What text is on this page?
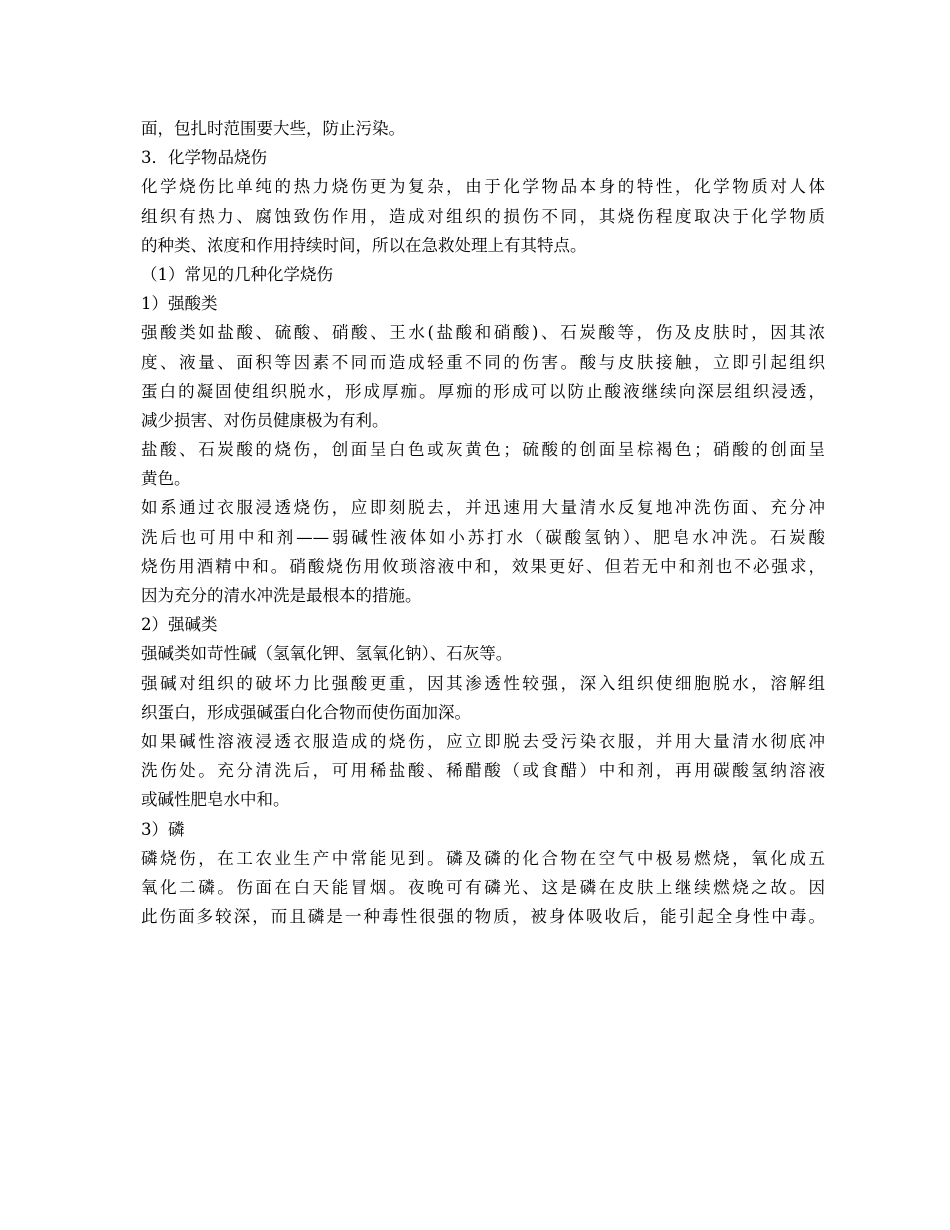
面，包扎时范围要大些，防止污染。
3．化学物品烧伤
化学烧伤比单纯的热力烧伤更为复杂，由于化学物品本身的特性，化学物质对人体
组织有热力、腐蚀致伤作用，造成对组织的损伤不同，其烧伤程度取决于化学物质
的种类、浓度和作用持续时间，所以在急救处理上有其特点。
（1）常见的几种化学烧伤
1）强酸类
强酸类如盐酸、硫酸、硝酸、王水(盐酸和硝酸)、石炭酸等，伤及皮肤时，因其浓
度、液量、面积等因素不同而造成轻重不同的伤害。酸与皮肤接触，立即引起组织
蛋白的凝固使组织脱水，形成厚痂。厚痂的形成可以防止酸液继续向深层组织浸透，
减少损害、对伤员健康极为有利。
盐酸、石炭酸的烧伤，创面呈白色或灰黄色；硫酸的创面呈棕褐色；硝酸的创面呈
黄色。
如系通过衣服浸透烧伤，应即刻脱去，并迅速用大量清水反复地冲洗伤面、充分冲
洗后也可用中和剂——弱碱性液体如小苏打水（碳酸氢钠）、肥皂水冲洗。石炭酸
烧伤用酒精中和。硝酸烧伤用攸琐溶液中和，效果更好、但若无中和剂也不必强求，
因为充分的清水冲洗是最根本的措施。
2）强碱类
强碱类如苛性碱（氢氧化钾、氢氧化钠）、石灰等。
强碱对组织的破坏力比强酸更重，因其渗透性较强，深入组织使细胞脱水，溶解组
织蛋白，形成强碱蛋白化合物而使伤面加深。
如果碱性溶液浸透衣服造成的烧伤，应立即脱去受污染衣服，并用大量清水彻底冲
洗伤处。充分清洗后，可用稀盐酸、稀醋酸（或食醋）中和剂，再用碳酸氢纳溶液
或碱性肥皂水中和。
3）磷
磷烧伤，在工农业生产中常能见到。磷及磷的化合物在空气中极易燃烧，氧化成五
氧化二磷。伤面在白天能冒烟。夜晚可有磷光、这是磷在皮肤上继续燃烧之故。因
此伤面多较深，而且磷是一种毒性很强的物质，被身体吸收后，能引起全身性中毒。
